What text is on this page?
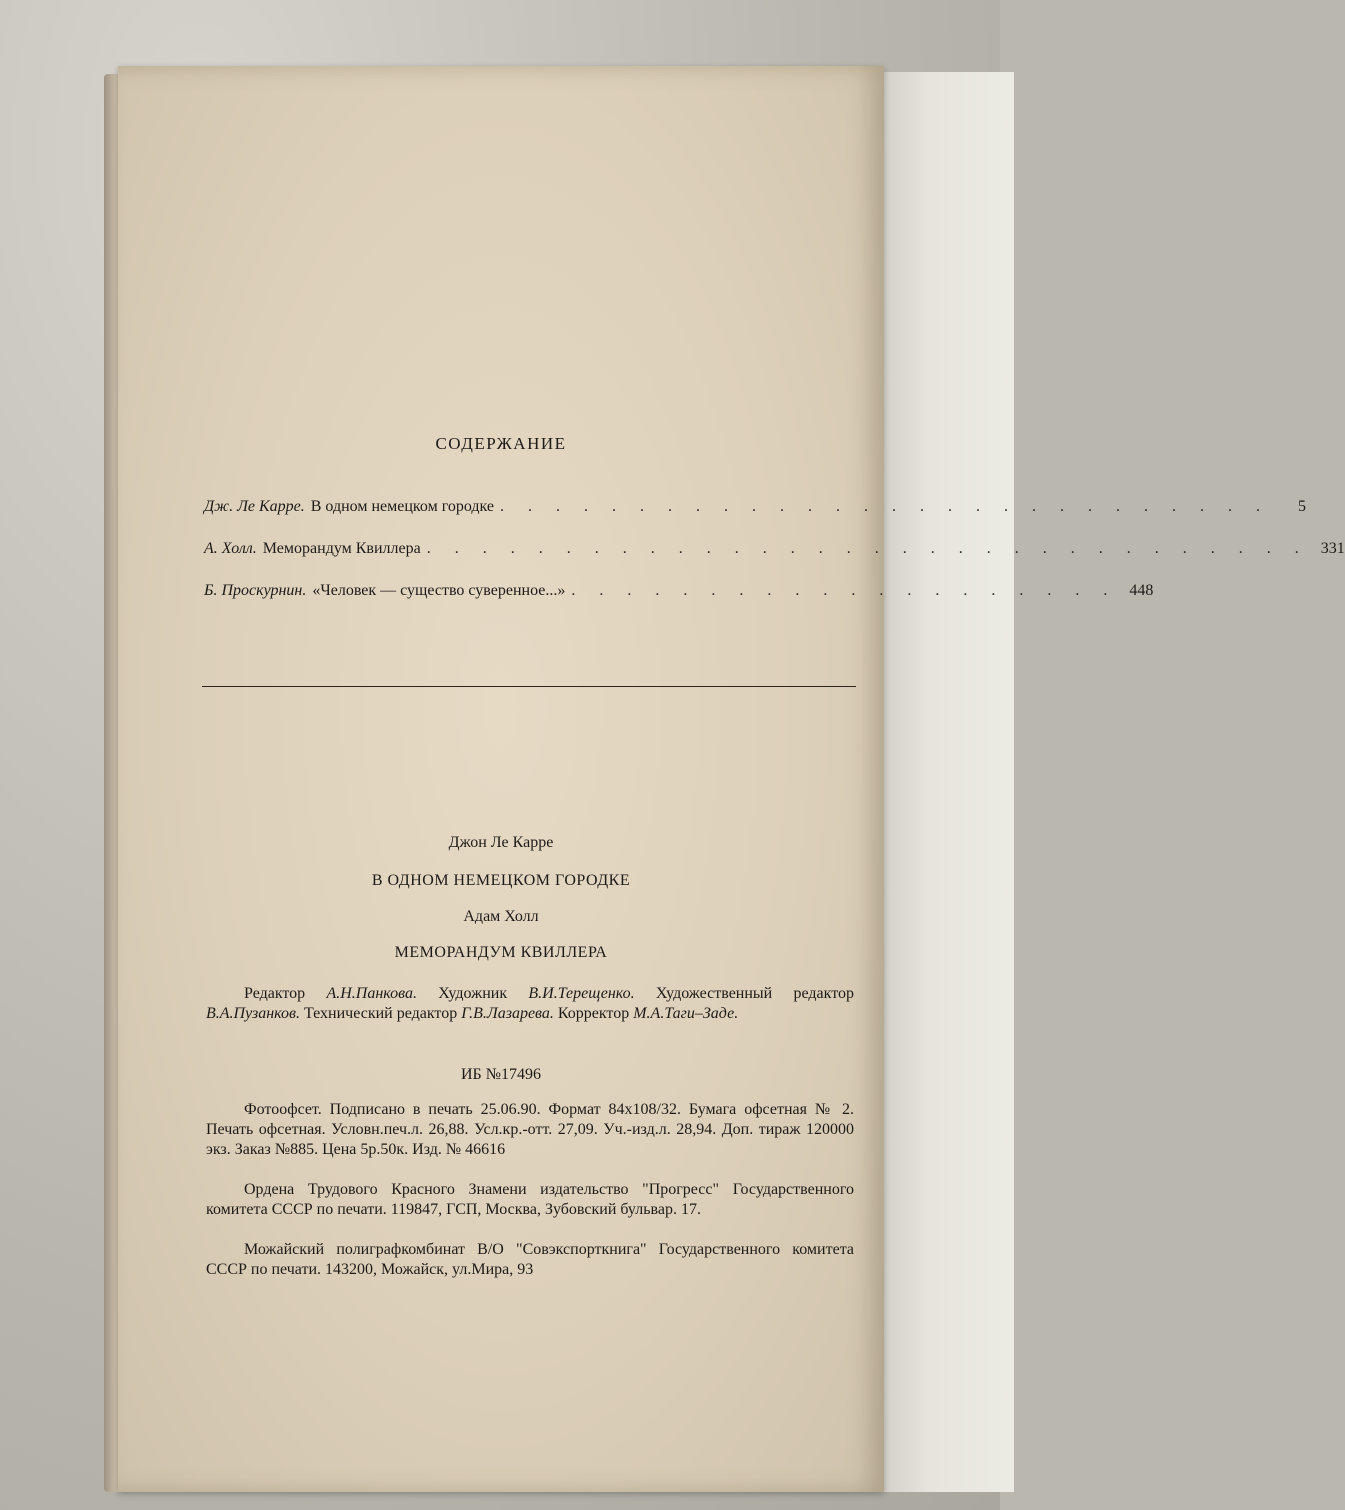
СОДЕРЖАНИЕ
Дж. Ле Карре. В одном немецком городке . . . . . . . . . . . . . . . . . . . . . . . . . . . .	5
А. Холл. Меморандум Квиллера . . . . . . . . . . . . . . . . . . . . . . . . . . . . . . . . 331
Б. Проскурнин. «Человек — существо суверенное...» . . . . . . . . . . . . . . . . . . . . 448
Джон Ле Карре
В ОДНОМ НЕМЕЦКОМ ГОРОДКЕ
Адам Холл
МЕМОРАНДУМ КВИЛЛЕРА
Редактор А.Н.Панкова. Художник В.И.Терещенко. Художественный редактор В.А.Пузанков. Технический редактор Г.В.Лазарева. Корректор М.А.Таги–Заде.
ИБ №17496
Фотоофсет. Подписано в печать 25.06.90. Формат 84х108/32. Бумага офсетная № 2. Печать офсетная. Условн.печ.л. 26,88. Усл.кр.-отт. 27,09. Уч.-изд.л. 28,94. Доп. тираж 120000 экз. Заказ №885. Цена 5р.50к. Изд. № 46616
Ордена Трудового Красного Знамени издательство "Прогресс" Государственного комитета СССР по печати. 119847, ГСП, Москва, Зубовский бульвар. 17.
Можайский полиграфкомбинат В/О "Совэкспорткнига" Государственного комитета СССР по печати. 143200, Можайск, ул.Мира, 93
